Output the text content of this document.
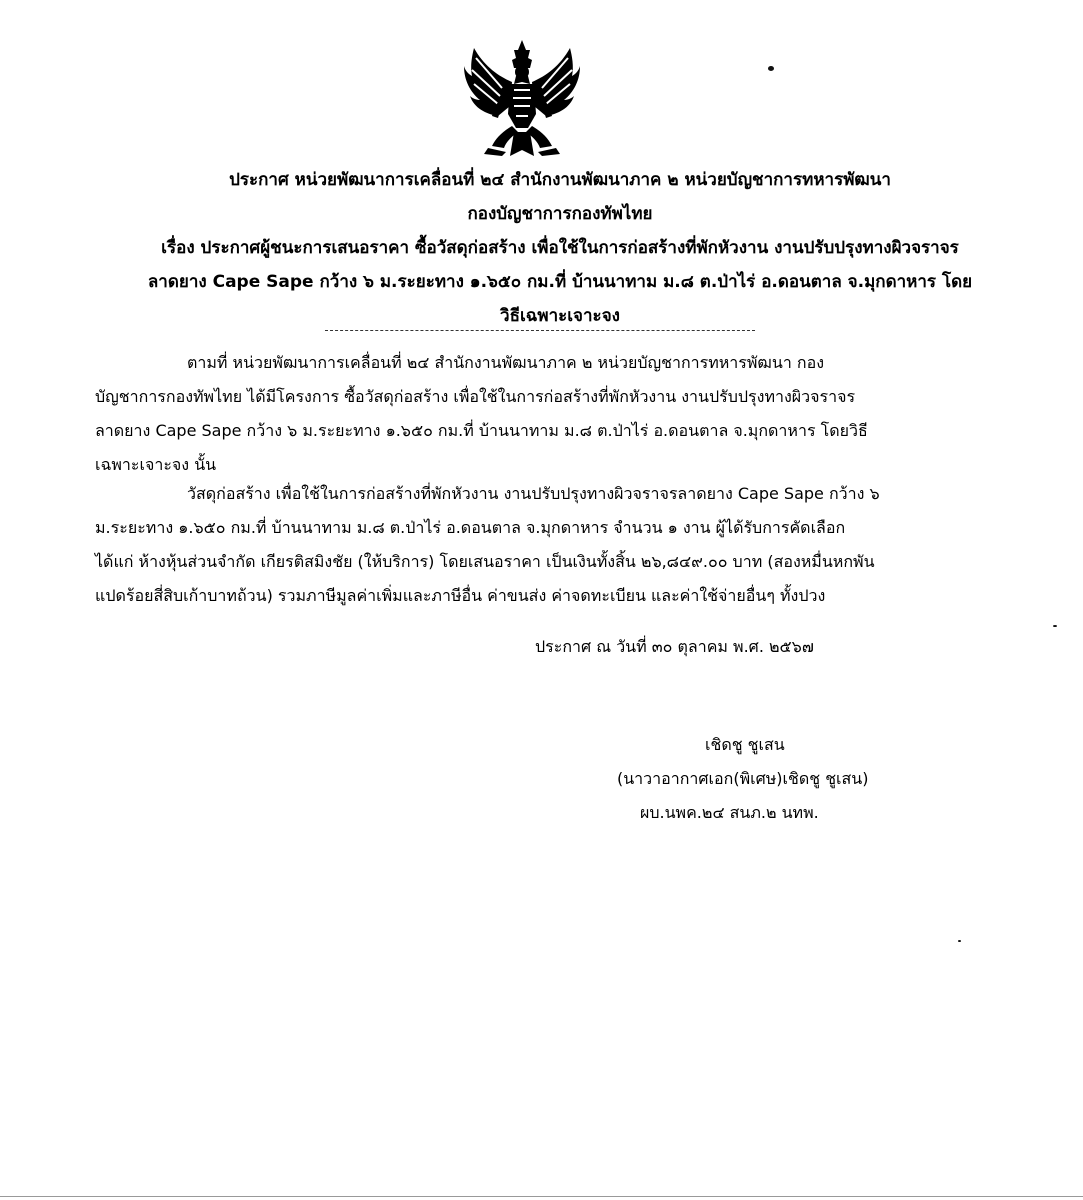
ประกาศ หน่วยพัฒนาการเคลื่อนที่ ๒๔ สำนักงานพัฒนาภาค ๒ หน่วยบัญชาการทหารพัฒนา
กองบัญชาการกองทัพไทย
เรื่อง ประกาศผู้ชนะการเสนอราคา ซื้อวัสดุก่อสร้าง เพื่อใช้ในการก่อสร้างที่พักหัวงาน งานปรับปรุงทางผิวจราจร
ลาดยาง Cape Sape กว้าง ๖ ม.ระยะทาง ๑.๖๕๐ กม.ที่ บ้านนาทาม ม.๘ ต.ป่าไร่ อ.ดอนตาล จ.มุกดาหาร โดย
วิธีเฉพาะเจาะจง
ตามที่ หน่วยพัฒนาการเคลื่อนที่ ๒๔ สำนักงานพัฒนาภาค ๒ หน่วยบัญชาการทหารพัฒนา กอง
บัญชาการกองทัพไทย ได้มีโครงการ ซื้อวัสดุก่อสร้าง เพื่อใช้ในการก่อสร้างที่พักหัวงาน งานปรับปรุงทางผิวจราจร
ลาดยาง Cape Sape กว้าง ๖ ม.ระยะทาง ๑.๖๕๐ กม.ที่ บ้านนาทาม ม.๘ ต.ป่าไร่ อ.ดอนตาล จ.มุกดาหาร โดยวิธี
เฉพาะเจาะจง นั้น
วัสดุก่อสร้าง เพื่อใช้ในการก่อสร้างที่พักหัวงาน งานปรับปรุงทางผิวจราจรลาดยาง Cape Sape กว้าง ๖
ม.ระยะทาง ๑.๖๕๐ กม.ที่ บ้านนาทาม ม.๘ ต.ป่าไร่ อ.ดอนตาล จ.มุกดาหาร จำนวน ๑ งาน ผู้ได้รับการคัดเลือก
ได้แก่ ห้างหุ้นส่วนจำกัด เกียรติสมิงชัย (ให้บริการ) โดยเสนอราคา เป็นเงินทั้งสิ้น ๒๖,๘๔๙.๐๐ บาท (สองหมื่นหกพัน
แปดร้อยสี่สิบเก้าบาทถ้วน) รวมภาษีมูลค่าเพิ่มและภาษีอื่น ค่าขนส่ง ค่าจดทะเบียน และค่าใช้จ่ายอื่นๆ ทั้งปวง
ประกาศ ณ วันที่ ๓๐ ตุลาคม พ.ศ. ๒๕๖๗
เชิดชู ชูเสน
(นาวาอากาศเอก(พิเศษ)เชิดชู ชูเสน)
ผบ.นพค.๒๔ สนภ.๒ นทพ.
